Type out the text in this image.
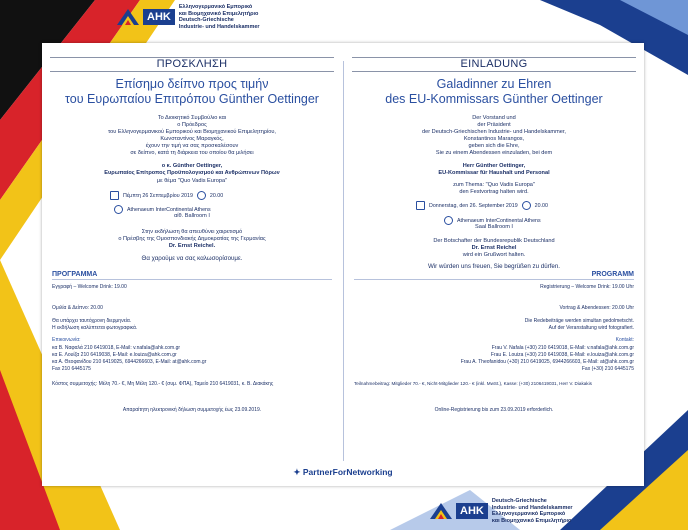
AHK
Ελληνογερμανικό Εμπορικό
και Βιομηχανικό Επιμελητήριο
Deutsch-Griechische
Industrie- und Handelskammer
ΠΡΟΣΚΛΗΣΗ
Επίσημο δείπνο προς τιμήν
του Ευρωπαίου Επιτρόπου Günther Oettinger
Το Διοικητικό Συμβούλιο και
ο Πρόεδρος
του Ελληνογερμανικού Εμπορικού και Βιομηχανικού Επιμελητηρίου,
Κωνσταντίνος Μαραγκός,
έχουν την τιμή να σας προσκαλέσουν
σε δείπνο, κατά τη διάρκεια του οποίου θα μιλήσει
ο κ. Günther Oettinger,
Ευρωπαίος Επίτροπος Προϋπολογισμού και Ανθρώπινων Πόρων
με θέμα "Quo Vadis Europa"
Πέμπτη 26 Σεπτεμβρίου 2019	20.00
Athenaeum InterContinental Athens
αίθ. Ballroom I
Στην εκδήλωση θα απευθύνει χαιρετισμό
ο Πρέσβης της Ομοσπονδιακής Δημοκρατίας της Γερμανίας
Dr. Ernst Reichel.
Θα χαρούμε να σας καλωσορίσουμε.
ΠΡΟΓΡΑΜΜΑ
Εγγραφή – Welcome Drink: 19.00
Ομιλία & Δείπνο: 20.00
Θα υπάρχει ταυτόχρονη διερμηνεία.
Η εκδήλωση καλύπτεται φωτογραφικά.
Επικοινωνία:
κα Β. Ναφαλά 210 6419018, E-Mail: v.nafala@ahk.com.gr
κα Ε. Λουίζα 210 6419038, E-Mail: e.louiza@ahk.com.gr
κα Α. Θεοφανίδου 210 6419025, 6944266603, E-Mail: at@ahk.com.gr
Fax 210 6445175
Κόστος συμμετοχής: Μέλη 70.- €, Μη Μέλη 120.- € (συμ. ΦΠΑ), Ταμείο 210 6419031, κ. Β. Διακάκης
Απαραίτητη ηλεκτρονική δήλωση συμμετοχής έως 23.09.2019.
EINLADUNG
Galadinner zu Ehren
des EU-Kommissars Günther Oettinger
Der Vorstand und
der Präsident
der Deutsch-Griechischen Industrie- und Handelskammer,
Konstantinos Marangos,
geben sich die Ehre,
Sie zu einem Abendessen einzuladen, bei dem
Herr Günther Oettinger,
EU-Kommissar für Haushalt und Personal
zum Thema: "Quo Vadis Europa"
den Festvortrag halten wird.
Donnerstag, den 26. September 2019	20.00
Athenaeum InterContinental Athens
Saal Ballroom I
Der Botschafter der Bundesrepublik Deutschland
Dr. Ernst Reichel
wird ein Grußwort halten.
Wir würden uns freuen, Sie begrüßen zu dürfen.
PROGRAMM
Registrierung – Welcome Drink: 19.00 Uhr
Vortrag & Abendessen: 20.00 Uhr
Die Redebeiträge werden simultan gedolmetscht.
Auf der Veranstaltung wird fotografiert.
Kontakt:
Frau V. Nafala (+30) 210 6419018, E-Mail: v.nafala@ahk.com.gr
Frau E. Louiza (+30) 210 6419038, E-Mail: e.louiza@ahk.com.gr
Frau A. Theofanidou (+30) 210 6419025, 6944266603, E-Mail: at@ahk.com.gr
Fax (+30) 210 6445175
Teilnahmebeitrag: Mitglieder 70.- €, Nicht-Mitglieder 120.- € (inkl. MwSt.), Kasse: (+30) 2106419031, Herr V. Diakakis
Online-Registrierung bis zum 23.09.2019 erforderlich.
✦ PartnerForNetworking
AHK
Deutsch-Griechische
Industrie- und Handelskammer
Ελληνογερμανικό Εμπορικό
και Βιομηχανικό Επιμελητήριο
